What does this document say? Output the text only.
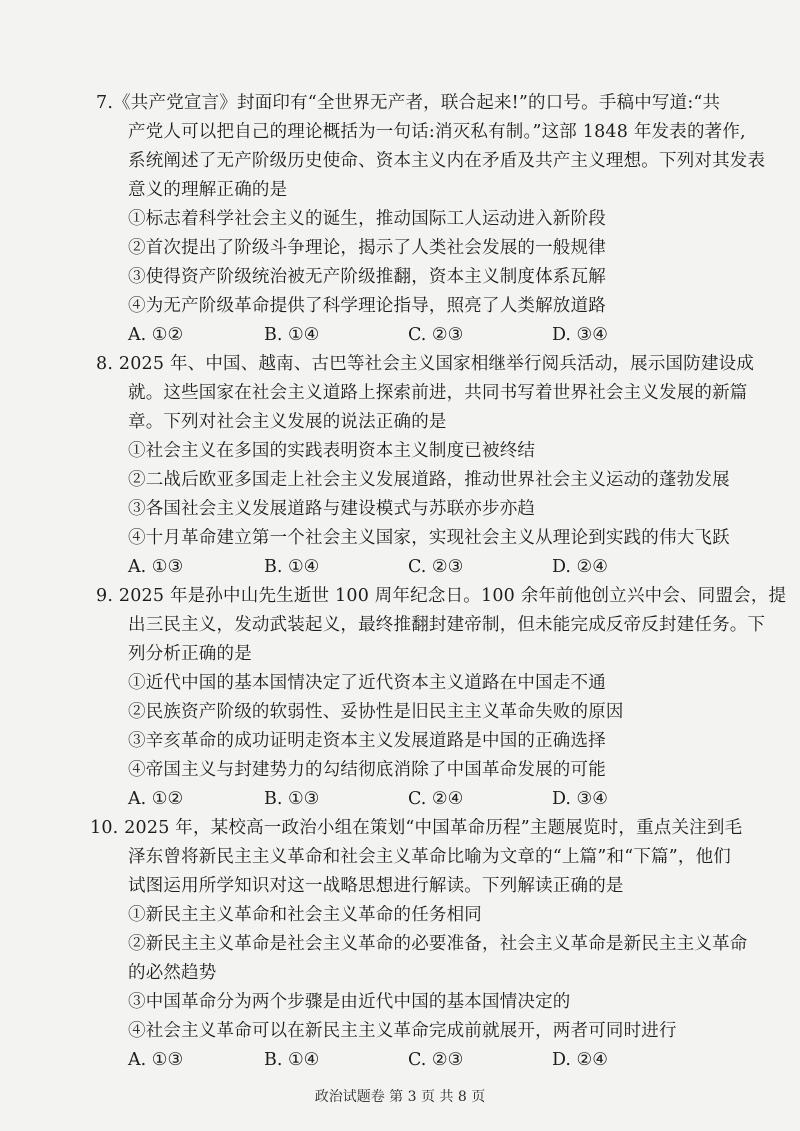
7.《共产党宣言》封面印有“全世界无产者，联合起来!”的口号。手稿中写道:“共
产党人可以把自己的理论概括为一句话:消灭私有制。”这部 1848 年发表的著作,
系统阐述了无产阶级历史使命、资本主义内在矛盾及共产主义理想。下列对其发表
意义的理解正确的是
①标志着科学社会主义的诞生，推动国际工人运动进入新阶段
②首次提出了阶级斗争理论，揭示了人类社会发展的一般规律
③使得资产阶级统治被无产阶级推翻，资本主义制度体系瓦解
④为无产阶级革命提供了科学理论指导，照亮了人类解放道路
A. ①②	B. ①④	C. ②③	D. ③④
8. 2025 年、中国、越南、古巴等社会主义国家相继举行阅兵活动，展示国防建设成
就。这些国家在社会主义道路上探索前进，共同书写着世界社会主义发展的新篇
章。下列对社会主义发展的说法正确的是
①社会主义在多国的实践表明资本主义制度已被终结
②二战后欧亚多国走上社会主义发展道路，推动世界社会主义运动的蓬勃发展
③各国社会主义发展道路与建设模式与苏联亦步亦趋
④十月革命建立第一个社会主义国家，实现社会主义从理论到实践的伟大飞跃
A. ①③	B. ①④	C. ②③	D. ②④
9. 2025 年是孙中山先生逝世 100 周年纪念日。100 余年前他创立兴中会、同盟会，提
出三民主义，发动武装起义，最终推翻封建帝制，但未能完成反帝反封建任务。下
列分析正确的是
①近代中国的基本国情决定了近代资本主义道路在中国走不通
②民族资产阶级的软弱性、妥协性是旧民主主义革命失败的原因
③辛亥革命的成功证明走资本主义发展道路是中国的正确选择
④帝国主义与封建势力的勾结彻底消除了中国革命发展的可能
A. ①②	B. ①③	C. ②④	D. ③④
10. 2025 年，某校高一政治小组在策划“中国革命历程”主题展览时，重点关注到毛
泽东曾将新民主主义革命和社会主义革命比喻为文章的“上篇”和“下篇”，他们
试图运用所学知识对这一战略思想进行解读。下列解读正确的是
①新民主主义革命和社会主义革命的任务相同
②新民主主义革命是社会主义革命的必要准备，社会主义革命是新民主主义革命
的必然趋势
③中国革命分为两个步骤是由近代中国的基本国情决定的
④社会主义革命可以在新民主主义革命完成前就展开，两者可同时进行
A. ①③	B. ①④	C. ②③	D. ②④
政治试题卷 第 3 页 共 8 页
